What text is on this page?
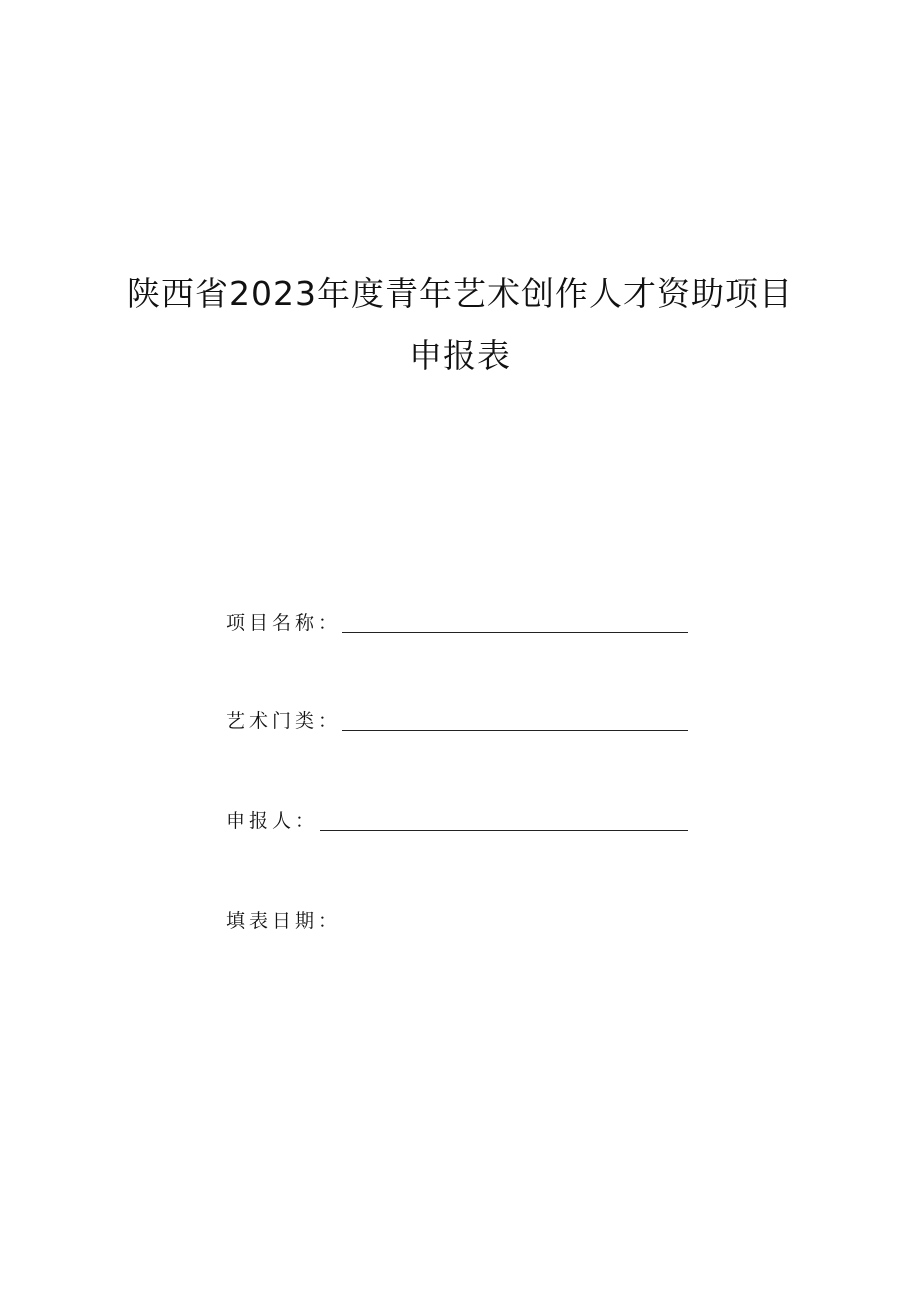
陕西省2023年度青年艺术创作人才资助项目
申报表
项目名称：
艺术门类：
申报人：
填表日期：
